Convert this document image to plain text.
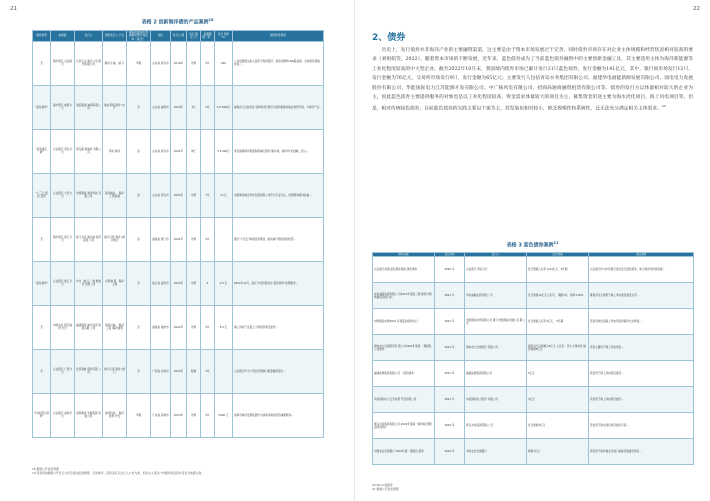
21
表格 2 创新海洋债的产品案例$^{18}$
债券类型	承销商	发行人	债券发行人 产业	募集资金投向 明确海洋经济 相关吗（是/否）	地区	发行日 期	发行 额（亿 元）	到期期 限（年）	发行 利率（%）	债券资金用途
无	瑞丰银行 兴业银行	长荣长山 海运公司 股份有限公司	海洋运 输、港 口	平税	山东省 青岛市	2019年	中票	3年	200	公众层面相关投入投资于海洋经济、建造双燃料LNG散货船，支持绿色船舶改造…
"蓝色债券"	瑞丰银行 威海分行	国投集团 威海有限公司	渔业养殖 海洋 /水产	否	山东省 威海市	2020年	3亿	5年	3.9 2000万	威海市人民政府在"海洋牧场"建设方面积极推动渔业转型升级，与海洋产业…
"蓝色碳汇债"	兴业银行 青岛分行	青岛碧 海海洋 有限公司	风电 海洋	是	山东省 青岛市	2021年	8亿		3.5 000万	青岛碧海海洋集团积极响应国家"碳达峰、碳中和"的战略，投入…
"十三五"蓝色 投资	兴业银行 大连分行	中国海防 海洋科技 有限公司	海洋渔业 、海洋工 程装备	是	山东省 青岛市	2021年	中票	7年	13 亿	中国海洋渔业科技发展有限公司作为行业龙头，统筹规划海洋装备…
无	瑞丰银行 厦门分行	厦门中远 海运港 投资有限 公司	港口运营 海洋 /港口航运	是	福建省 厦门市	2021年	中票	5年		通过"十四五"海洋经济规划，推动港口物流绿色转型…
"蓝色债券"	兴业银行 浙江分行	中交（浙 江）港 航建设 有限公司	水利港 湾、海洋 工程	否	浙江省 温州市	2022年	中票	5	2.5 亿	2022年12月，浙江中交积极落实"蓝色债券"政策要求…
无	中国农业 银行福州 分行	福建海洋 港口投资 集团有限 公司	海洋运输、 海洋工程 /海洋建筑	否	福建省 福州市	2022年	中票	3年	5.5 亿	海上风电产业链上下游投资项目建设…
无	兴业银行 广西分行	北部湾港 股份有限 公司	港口运营 海洋 /港口	否	广西省 北海市	2022年	短融	3年		兴业银行作为广西北部湾港口配套融资银行…
"科技蓝色 债券"	兴业银行 深圳分行	深圳海洋 发展集团 有限公司	海洋科技、 海洋资源 开发	平税	广东省 深圳市	2023年	中票	3年	5000 万	深圳市海洋发展集团作为深圳市海洋经济重要载体…
18 根据公开信息整理
19 资金用途根据公开发行文件及相关报道整理，仅供参考，投资者应以发行人公告为准，如有出入请以"中国债券信息网"等官方披露为准。
22
2、债券

历史上，发行债券并非海洋产业的主要融资渠道，这主要是由于资本市场发展过于完善，同时债券市场存在对企业主体规模和经营状况相对较高的要求（刘娟娟等，2022）。随着资本市场的不断发展，近年来，蓝色债券成为了当前蓝色债券融资中的主要创新金融工具，其主要适用主体为海洋新能源等工业化程度较高的中大型企业。截至2022年10月末，我国境内债券市场已累计发行21只蓝色债券，发行金额为141亿元，其中，银行间市场发行12只，发行金额为76亿元，交易所市场发行9只，发行金额为65亿元；主要发行人包括青岛水务集团有限公司、福建华电福能新源发展有限公司、国电电力发展股份有限公司、华能国际电力江苏能源开发有限公司、中广核风电有限公司、招商局通商融资租赁有限公司等。债券的发行方以体量相对较大的企业为主，因此蓝色债券主要提供服务的对象也是以工业化程度较高、资金需求体量较大的项目为主，募集资金用途主要为海水淡化项目，海上风电项目等。但是，相对传统绿色债券，目前蓝色债券的实践主要以个案为主，其发展也相对较小，缺乏规模性和系统性，还无法充分满足相关主体需求。$^{20}$

表格 3 蓝色债券案例$^{21}$
债券名称	发行时间	发行人	发行规模	项目说明
兴业银行首期 蓝色债券国际 绿色债券	2020 年	兴业银行 青岛分行	发行规模人民币 6.04亿元，3年期	兴业银行作为中资银行首次发行蓝色债券，助力海洋可持续发展…
华电福新能源有限公 司2021年度第二期 绿色中期票据(蓝色债 券)	2021 年	华电福新能源有限公 司	发行规模10亿元人民币， 期限3年，利率3.05%	募集资金主要用于海上风电项目建设运营…
中国国家电网2021 年度蓝色债券发行	2021 年	中国国家电网有限公司 旗下中国国际(香港) 有 限公司	发行规模人民币3亿元， 5年期	资金用途包括海上风电项目和海洋生态修复…
国电电力发展股份有 限公司2021年度第 一期绿色公司债券	2021 年	国电电力发展股份 有限公司	债券发行总规模为5亿元 人民币，其中上网电价 融资规模5亿元	资金主要用于海上风电项目…
福建能源集团有限公司 （蓝色债券）	2021 年	福建能源集团有限公司	5亿元	资金用于海上风电项目建设…
华能国际电力江苏能源 开发有限公司	2021 年	华能国际电力股份 有限公司	3亿元	资金用于海上风电项目建设…
青岛水务集团有限公司 2022年度第一期中期 票据(蓝色债券)	2022 年	青岛水务集团有限公 司	发行规模3亿元	资金用于海水淡化项目建设运营…
中国农业发展银行 2022年第一期蓝色 债券	2022 年	中国农业发展银行	规模1亿元	资金用于海洋渔业及港口基础设施建设项目…
20 Wind 数据库
21 根据公开信息整理
